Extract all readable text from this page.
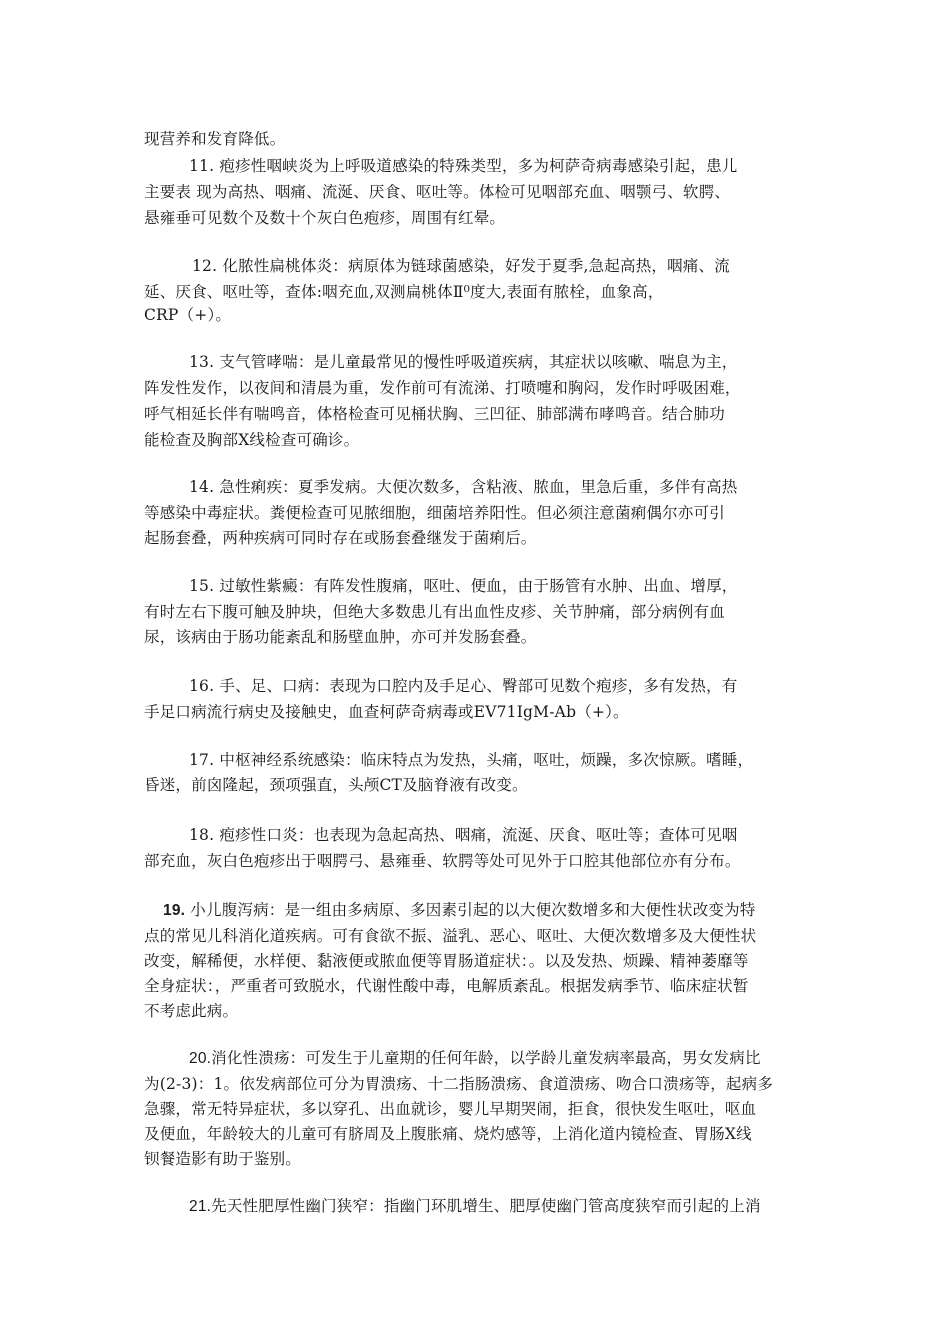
现营养和发育降低。
11. 疱疹性咽峡炎为上呼吸道感染的特殊类型，多为柯萨奇病毒感染引起，患儿
主要表 现为高热、咽痛、流涎、厌食、呕吐等。体检可见咽部充血、咽颚弓、软腭、
悬雍垂可见数个及数十个灰白色疱疹，周围有红晕。
12. 化脓性扁桃体炎：病原体为链球菌感染，好发于夏季,急起高热，咽痛、流
延、厌食、呕吐等，查体:咽充血,双测扁桃体Ⅱ⁰度大,表面有脓栓，血象高，
CRP（+）。
13. 支气管哮喘：是儿童最常见的慢性呼吸道疾病，其症状以咳嗽、喘息为主，
阵发性发作，以夜间和清晨为重，发作前可有流涕、打喷嚏和胸闷，发作时呼吸困难，
呼气相延长伴有喘鸣音，体格检查可见桶状胸、三凹征、肺部满布哮鸣音。结合肺功
能检查及胸部X线检查可确诊。
14. 急性痢疾：夏季发病。大便次数多，含粘液、脓血，里急后重，多伴有高热
等感染中毒症状。粪便检查可见脓细胞，细菌培养阳性。但必须注意菌痢偶尔亦可引
起肠套叠，两种疾病可同时存在或肠套叠继发于菌痢后。
15. 过敏性紫癜：有阵发性腹痛，呕吐、便血，由于肠管有水肿、出血、增厚，
有时左右下腹可触及肿块，但绝大多数患儿有出血性皮疹、关节肿痛，部分病例有血
尿，该病由于肠功能紊乱和肠壁血肿，亦可并发肠套叠。
16. 手、足、口病：表现为口腔内及手足心、臀部可见数个疱疹，多有发热，有
手足口病流行病史及接触史，血查柯萨奇病毒或EV71IgM-Ab（+）。
17. 中枢神经系统感染：临床特点为发热，头痛，呕吐，烦躁，多次惊厥。嗜睡，
昏迷，前囟隆起，颈项强直，头颅CT及脑脊液有改变。
18. 疱疹性口炎：也表现为急起高热、咽痛，流涎、厌食、呕吐等；查体可见咽
部充血，灰白色疱疹出于咽腭弓、悬雍垂、软腭等处可见外于口腔其他部位亦有分布。
19. 小儿腹泻病：是一组由多病原、多因素引起的以大便次数增多和大便性状改变为特
点的常见儿科消化道疾病。可有食欲不振、溢乳、恶心、呕吐、大便次数增多及大便性状
改变，解稀便，水样便、黏液便或脓血便等胃肠道症状：。以及发热、烦躁、精神萎靡等
全身症状：，严重者可致脱水，代谢性酸中毒，电解质紊乱。根据发病季节、临床症状暂
不考虑此病。
20.消化性溃疡：可发生于儿童期的任何年龄，以学龄儿童发病率最高，男女发病比
为(2-3)：1。依发病部位可分为胃溃疡、十二指肠溃疡、食道溃疡、吻合口溃疡等，起病多
急骤，常无特异症状，多以穿孔、出血就诊，婴儿早期哭闹，拒食，很快发生呕吐，呕血
及便血，年龄较大的儿童可有脐周及上腹胀痛、烧灼感等，上消化道内镜检查、胃肠X线
钡餐造影有助于鉴别。
21.先天性肥厚性幽门狭窄：指幽门环肌增生、肥厚使幽门管高度狭窄而引起的上消
